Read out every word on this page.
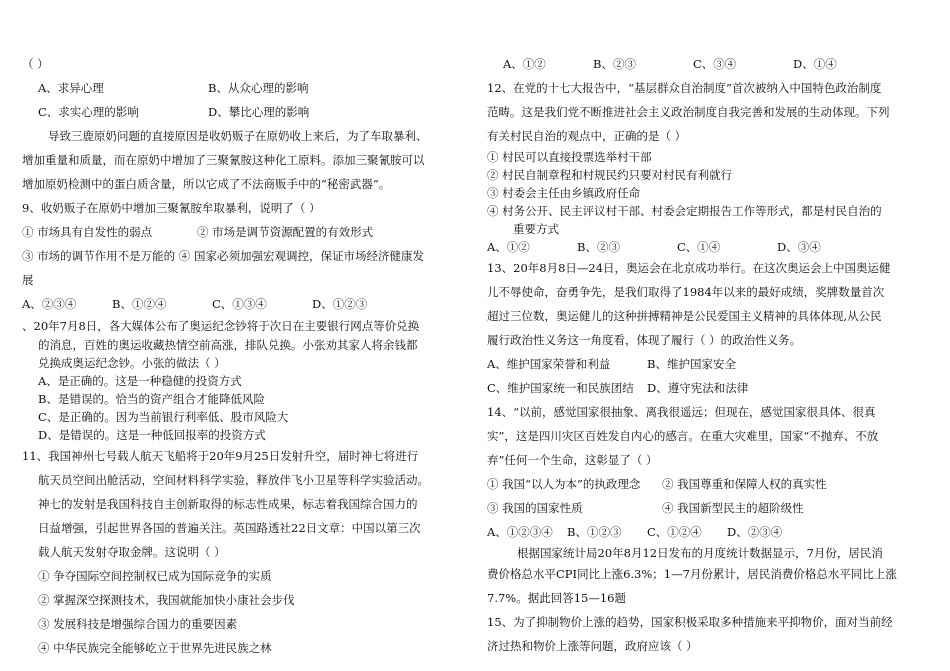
（ ）
A、求异心理	B、从众心理的影响
C、求实心理的影响	D、攀比心理的影响
导致三鹿原奶问题的直接原因是收奶贩子在原奶收上来后，为了车取暴利、
增加重量和质量，而在原奶中增加了三聚氰胺这种化工原料。添加三聚氰胺可以
增加原奶检测中的蛋白质含量，所以它成了不法商贩手中的“秘密武器”。
9、收奶贩子在原奶中增加三聚氰胺牟取暴利，说明了（ ）
① 市场具有自发性的弱点	② 市场是调节资源配置的有效形式
③ 市场的调节作用不是万能的 ④ 国家必须加强宏观调控，保证市场经济健康发
展
A、②③④	B、①②④	C、①③④	D、①②③
、20年7月8日，各大媒体公布了奥运纪念钞将于次日在主要银行网点等价兑换
的消息，百姓的奥运收藏热情空前高涨，排队兑换。小张劝其家人将余钱都
兑换成奥运纪念钞。小张的做法（ ）
A、是正确的。这是一种稳健的投资方式
B、是错误的。恰当的资产组合才能降低风险
C、是正确的。因为当前银行利率低、股市风险大
D、是错误的。这是一种低回报率的投资方式
11、我国神州七号载人航天飞船将于20年9月25日发射升空，届时神七将进行
航天员空间出舱活动，空间材料科学实验，释放伴飞小卫星等科学实验活动。
神七的发射是我国科技自主创新取得的标志性成果，标志着我国综合国力的
日益增强，引起世界各国的普遍关注。英国路透社22日文章：中国以第三次
载人航天发射夺取金牌。这说明（ ）
① 争夺国际空间控制权已成为国际竞争的实质
② 掌握深空探测技术，我国就能加快小康社会步伐
③ 发展科技是增强综合国力的重要因素
④ 中华民族完全能够屹立于世界先进民族之林
A、①②	B、②③	C、③④	D、①④
12、在党的十七大报告中，“基层群众自治制度”首次被纳入中国特色政治制度
范畴。这是我们党不断推进社会主义政治制度自我完善和发展的生动体现。下列
有关村民自治的观点中，正确的是（ ）
① 村民可以直接投票选举村干部
② 村民自制章程和村规民约只要对村民有利就行
③ 村委会主任由乡镇政府任命
④ 村务公开、民主评议村干部、村委会定期报告工作等形式，都是村民自治的
重要方式
A、①②	B、②③	C、①④	D、③④
13、20年8月8日—24日，奥运会在北京成功举行。在这次奥运会上中国奥运健
儿不辱使命，奋勇争先，是我们取得了1984年以来的最好成绩，奖牌数量首次
超过三位数，奥运健儿的这种拼搏精神是公民爱国主义精神的具体体现,从公民
履行政治性义务这一角度看，体现了履行（ ）的政治性义务。
A、维护国家荣誉和利益	B、维护国家安全
C、维护国家统一和民族团结	D、遵守宪法和法律
14、“以前，感觉国家很抽象、离我很遥远；但现在，感觉国家很具体、很真
实”，这是四川灾区百姓发自内心的感言。在重大灾难里，国家“不抛弃、不放
弃”任何一个生命，这彰显了（ ）
① 我国“以人为本”的执政理念	② 我国尊重和保障人权的真实性
③ 我国的国家性质	④ 我国新型民主的超阶级性
A、①②③④	B、①②③	C、①②④	D、②③④
根据国家统计局20年8月12日发布的月度统计数据显示，7月份，居民消
费价格总水平CPI同比上涨6.3%；1—7月份累计，居民消费价格总水平同比上涨
7.7%。据此回答15—16题
15、为了抑制物价上涨的趋势，国家积极采取多种措施来平抑物价，面对当前经
济过热和物价上涨等问题，政府应该（ ）
